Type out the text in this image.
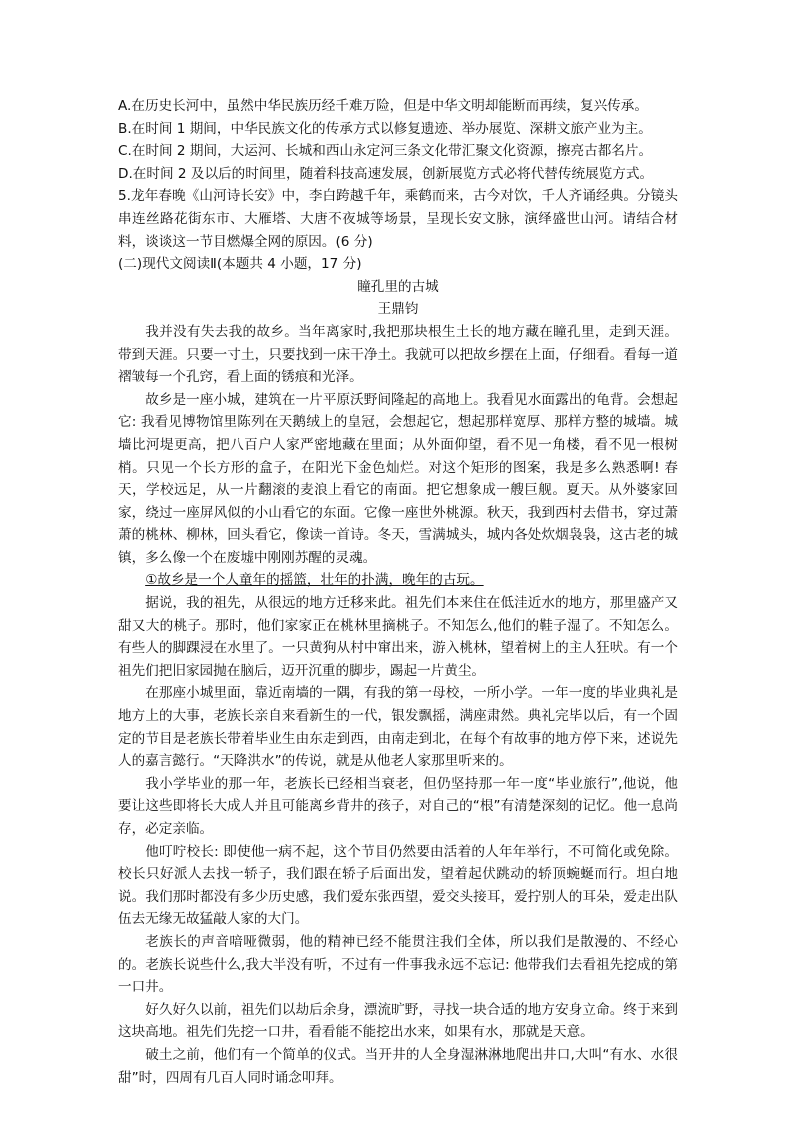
A.在历史长河中，虽然中华民族历经千难万险，但是中华文明却能断而再续，复兴传承。

B.在时间 1 期间，中华民族文化的传承方式以修复遗迹、举办展览、深耕文旅产业为主。

C.在时间 2 期间，大运河、长城和西山永定河三条文化带汇聚文化资源，擦亮古都名片。

D.在时间 2 及以后的时间里，随着科技高速发展，创新展览方式必将代替传统展览方式。

5.龙年春晚《山河诗长安》中，李白跨越千年，乘鹤而来，古今对饮，千人齐诵经典。分镜头串连丝路花街东市、大雁塔、大唐不夜城等场景，呈现长安文脉，演绎盛世山河。请结合材料，谈谈这一节目燃爆全网的原因。(6 分)

(二)现代文阅读Ⅱ(本题共 4 小题，17 分)

瞳孔里的古城

王鼎钧

我并没有失去我的故乡。当年离家时,我把那块根生土长的地方藏在瞳孔里，走到天涯。带到天涯。只要一寸土，只要找到一床干净土。我就可以把故乡摆在上面，仔细看。看每一道褶皱每一个孔窍，看上面的锈痕和光泽。

故乡是一座小城，建筑在一片平原沃野间隆起的高地上。我看见水面露出的龟背。会想起它: 我看见博物馆里陈列在天鹅绒上的皇冠，会想起它，想起那样宽厚、那样方整的城墙。城墙比河堤更高，把八百户人家严密地藏在里面；从外面仰望，看不见一角楼，看不见一根树梢。只见一个长方形的盒子，在阳光下金色灿烂。对这个矩形的图案，我是多么熟悉啊! 春天，学校远足，从一片翻滚的麦浪上看它的南面。把它想象成一艘巨舰。夏天。从外婆家回家，绕过一座屏风似的小山看它的东面。它像一座世外桃源。秋天，我到西村去借书，穿过萧萧的桃林、柳林，回头看它，像读一首诗。冬天，雪满城头，城内各处炊烟袅袅，这古老的城镇，多么像一个在废墟中刚刚苏醒的灵魂。

①故乡是一个人童年的摇篮，壮年的扑满，晚年的古玩。

据说，我的祖先，从很远的地方迁移来此。祖先们本来住在低洼近水的地方，那里盛产又甜又大的桃子。那时，他们家家正在桃林里摘桃子。不知怎么,他们的鞋子湿了。不知怎么。有些人的脚踝浸在水里了。一只黄狗从村中窜出来，游入桃林，望着树上的主人狂吠。有一个祖先们把旧家园抛在脑后，迈开沉重的脚步，踢起一片黄尘。

在那座小城里面，靠近南墙的一隅，有我的第一母校，一所小学。一年一度的毕业典礼是地方上的大事，老族长亲自来看新生的一代，银发飘摇，满座肃然。典礼完毕以后，有一个固定的节目是老族长带着毕业生由东走到西，由南走到北，在每个有故事的地方停下来，述说先人的嘉言懿行。“天降洪水”的传说，就是从他老人家那里听来的。

我小学毕业的那一年，老族长已经相当衰老，但仍坚持那一年一度“毕业旅行”,他说，他要让这些即将长大成人并且可能离乡背井的孩子，对自己的“根”有清楚深刻的记忆。他一息尚存，必定亲临。

他叮咛校长: 即使他一病不起，这个节目仍然要由活着的人年年举行，不可简化或免除。校长只好派人去找一轿子，我们跟在轿子后面出发，望着起伏跳动的轿顶蜿蜒而行。坦白地说。我们那时都没有多少历史感，我们爱东张西望，爱交头接耳，爱拧别人的耳朵，爱走出队伍去无缘无故猛敲人家的大门。

老族长的声音喑哑微弱，他的精神已经不能贯注我们全体，所以我们是散漫的、不经心的。老族长说些什么,我大半没有听，不过有一件事我永远不忘记: 他带我们去看祖先挖成的第一口井。

好久好久以前，祖先们以劫后余身，漂流旷野，寻找一块合适的地方安身立命。终于来到这块高地。祖先们先挖一口井，看看能不能挖出水来，如果有水，那就是天意。

破土之前，他们有一个简单的仪式。当开井的人全身湿淋淋地爬出井口,大叫“有水、水很甜”时，四周有几百人同时诵念叩拜。
